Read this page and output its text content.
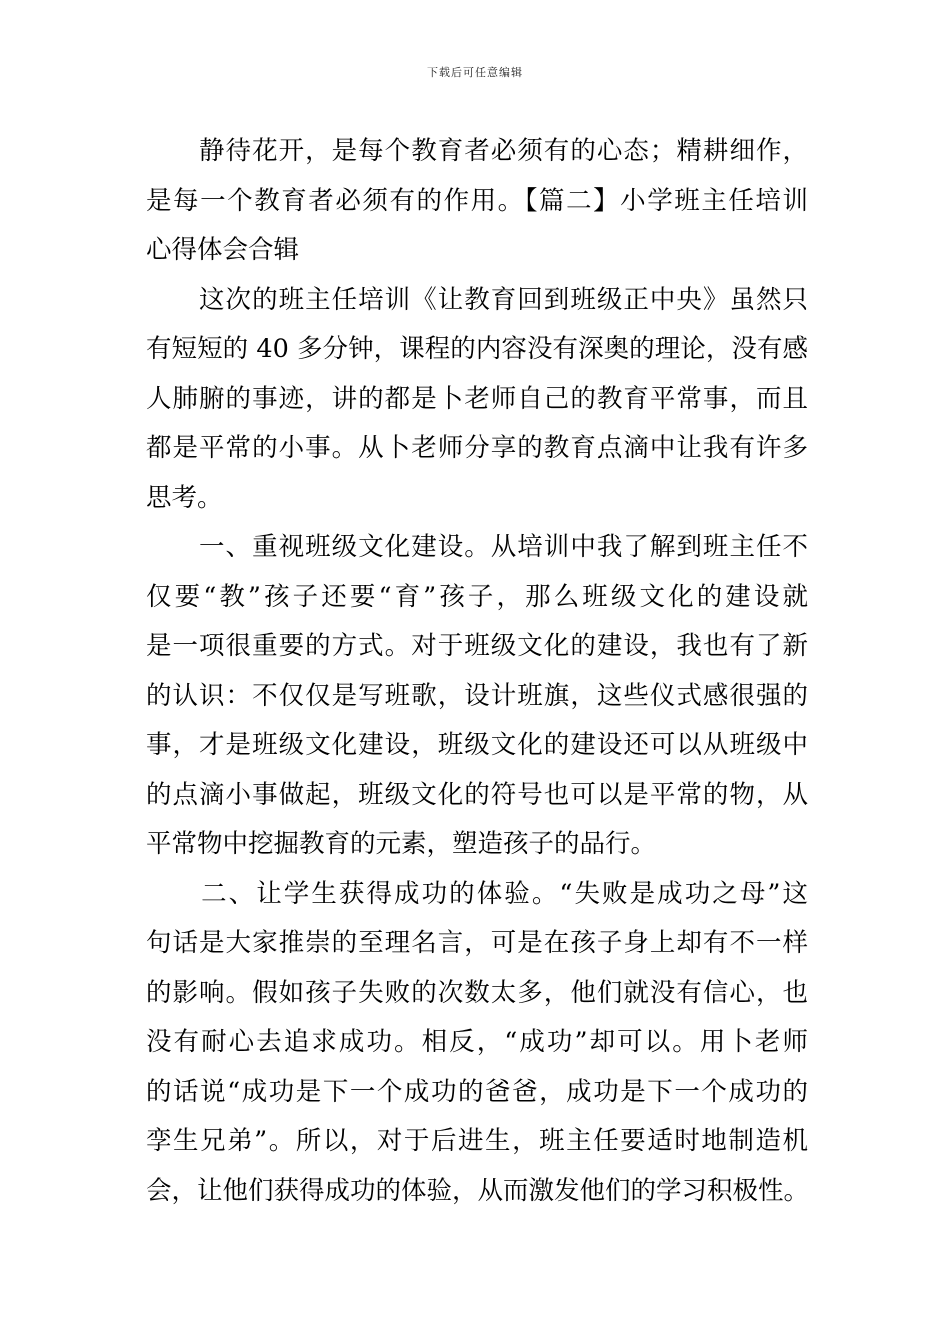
下载后可任意编辑
　　静待花开，是每个教育者必须有的心态；精耕细作，
是每一个教育者必须有的作用。【篇二】小学班主任培训
心得体会合辑
　　这次的班主任培训《让教育回到班级正中央》虽然只
有短短的 40 多分钟，课程的内容没有深奥的理论，没有感
人肺腑的事迹，讲的都是卜老师自己的教育平常事，而且
都是平常的小事。从卜老师分享的教育点滴中让我有许多
思考。
　　一、重视班级文化建设。从培训中我了解到班主任不
仅要“教”孩子还要“育”孩子，那么班级文化的建设就
是一项很重要的方式。对于班级文化的建设，我也有了新
的认识：不仅仅是写班歌，设计班旗，这些仪式感很强的
事，才是班级文化建设，班级文化的建设还可以从班级中
的点滴小事做起，班级文化的符号也可以是平常的物，从
平常物中挖掘教育的元素，塑造孩子的品行。
　　二、让学生获得成功的体验。“失败是成功之母”这
句话是大家推崇的至理名言，可是在孩子身上却有不一样
的影响。假如孩子失败的次数太多，他们就没有信心，也
没有耐心去追求成功。相反，“成功”却可以。用卜老师
的话说“成功是下一个成功的爸爸，成功是下一个成功的
孪生兄弟”。所以，对于后进生，班主任要适时地制造机
会，让他们获得成功的体验，从而激发他们的学习积极性。
